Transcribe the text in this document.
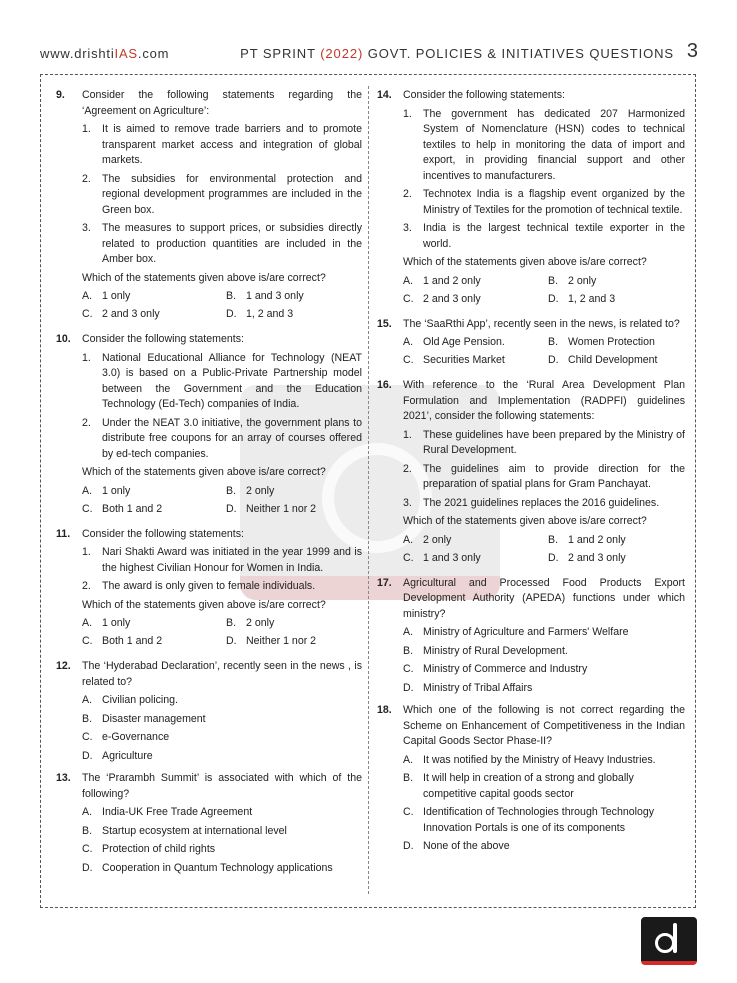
www.drishtiIAS.com	PT SPRINT (2022) GOVT. POLICIES & INITIATIVES QUESTIONS 3
9. Consider the following statements regarding the ‘Agreement on Agriculture’:
1. It is aimed to remove trade barriers and to promote transparent market access and integration of global markets.
2. The subsidies for environmental protection and regional development programmes are included in the Green box.
3. The measures to support prices, or subsidies directly related to production quantities are included in the Amber box.
Which of the statements given above is/are correct?
A. 1 only	B. 1 and 3 only
C. 2 and 3 only	D. 1, 2 and 3
10. Consider the following statements:
1. National Educational Alliance for Technology (NEAT 3.0) is based on a Public-Private Partnership model between the Government and the Education Technology (Ed-Tech) companies of India.
2. Under the NEAT 3.0 initiative, the government plans to distribute free coupons for an array of courses offered by ed-tech companies.
Which of the statements given above is/are correct?
A. 1 only	B. 2 only
C. Both 1 and 2	D. Neither 1 nor 2
11. Consider the following statements:
1. Nari Shakti Award was initiated in the year 1999 and is the highest Civilian Honour for Women in India.
2. The award is only given to female individuals.
Which of the statements given above is/are correct?
A. 1 only	B. 2 only
C. Both 1 and 2	D. Neither 1 nor 2
12. The ‘Hyderabad Declaration’, recently seen in the news , is related to?
A. Civilian policing.
B. Disaster management
C. e-Governance
D. Agriculture
13. The ‘Prarambh Summit’ is associated with which of the following?
A. India-UK Free Trade Agreement
B. Startup ecosystem at international level
C. Protection of child rights
D. Cooperation in Quantum Technology applications
14. Consider the following statements:
1. The government has dedicated 207 Harmonized System of Nomenclature (HSN) codes to technical textiles to help in monitoring the data of import and export, in providing financial support and other incentives to manufacturers.
2. Technotex India is a flagship event organized by the Ministry of Textiles for the promotion of technical textile.
3. India is the largest technical textile exporter in the world.
Which of the statements given above is/are correct?
A. 1 and 2 only	B. 2 only
C. 2 and 3 only	D. 1, 2 and 3
15. The ‘SaaRthi App’, recently seen in the news, is related to?
A. Old Age Pension.	B. Women Protection
C. Securities Market	D. Child Development
16. With reference to the ‘Rural Area Development Plan Formulation and Implementation (RADPFI) guidelines 2021’, consider the following statements:
1. These guidelines have been prepared by the Ministry of Rural Development.
2. The guidelines aim to provide direction for the preparation of spatial plans for Gram Panchayat.
3. The 2021 guidelines replaces the 2016 guidelines.
Which of the statements given above is/are correct?
A. 2 only	B. 1 and 2 only
C. 1 and 3 only	D. 2 and 3 only
17. Agricultural and Processed Food Products Export Development Authority (APEDA) functions under which ministry?
A. Ministry of Agriculture and Farmers' Welfare
B. Ministry of Rural Development.
C. Ministry of Commerce and Industry
D. Ministry of Tribal Affairs
18. Which one of the following is not correct regarding the Scheme on Enhancement of Competitiveness in the Indian Capital Goods Sector Phase-II?
A. It was notified by the Ministry of Heavy Industries.
B. It will help in creation of a strong and globally competitive capital goods sector
C. Identification of Technologies through Technology Innovation Portals is one of its components
D. None of the above
